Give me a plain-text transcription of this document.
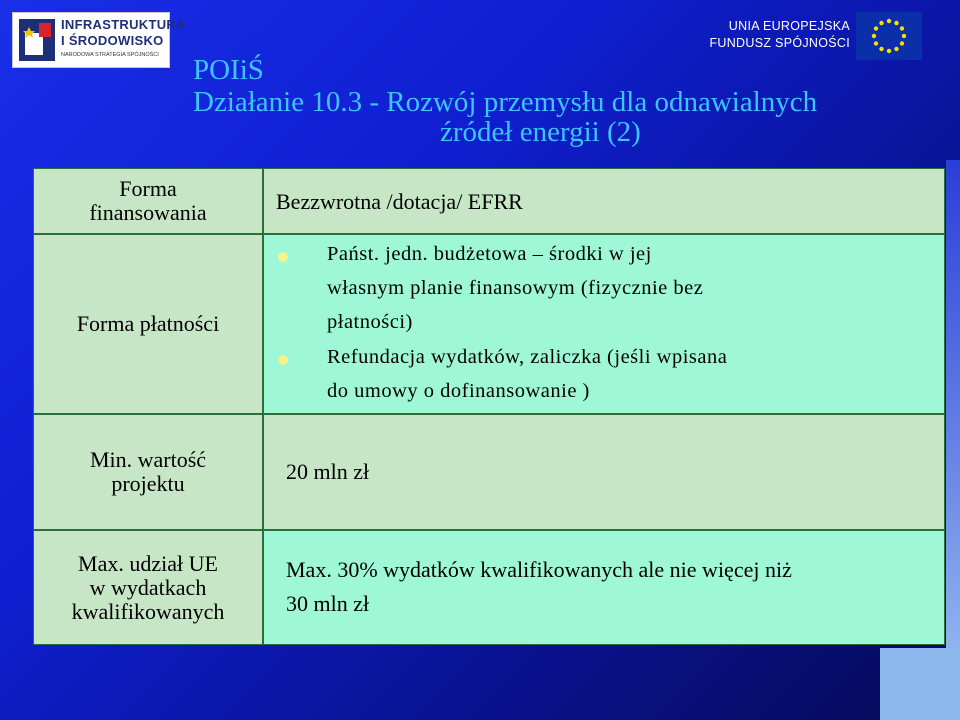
INFRASTRUKTURA
I ŚRODOWISKO
NARODOWA STRATEGIA SPÓJNOŚCI
UNIA EUROPEJSKA
FUNDUSZ SPÓJNOŚCI
POIiŚ
Działanie 10.3 - Rozwój przemysłu dla odnawialnych
źródeł energii (2)
Forma
finansowania	Bezzwrotna /dotacja/ EFRR
Forma płatności
Państ. jedn. budżetowa – środki w jej
własnym planie finansowym (fizycznie bez
płatności)
Refundacja wydatków, zaliczka (jeśli wpisana
do umowy o dofinansowanie )
Min. wartość
projektu	20 mln zł
Max. udział UE
w wydatkach
kwalifikowanych
Max. 30% wydatków kwalifikowanych ale nie więcej niż
30 mln zł
